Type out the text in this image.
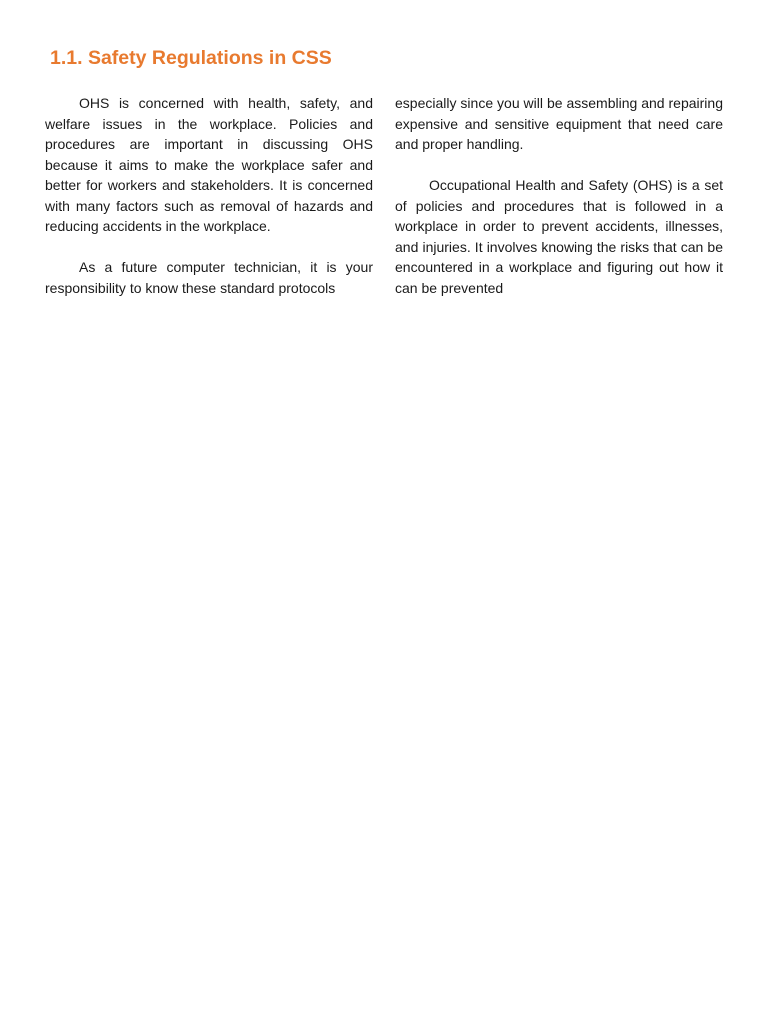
1.1. Safety Regulations in CSS

OHS is concerned with health, safety, and welfare issues in the workplace. Policies and procedures are important in discussing OHS because it aims to make the workplace safer and better for workers and stakeholders. It is concerned with many factors such as removal of hazards and reducing accidents in the workplace.

As a future computer technician, it is your responsibility to know these standard protocols

especially since you will be assembling and repairing expensive and sensitive equipment that need care and proper handling.

Occupational Health and Safety (OHS) is a set of policies and procedures that is followed in a workplace in order to prevent accidents, illnesses, and injuries. It involves knowing the risks that can be encountered in a workplace and figuring out how it can be prevented
